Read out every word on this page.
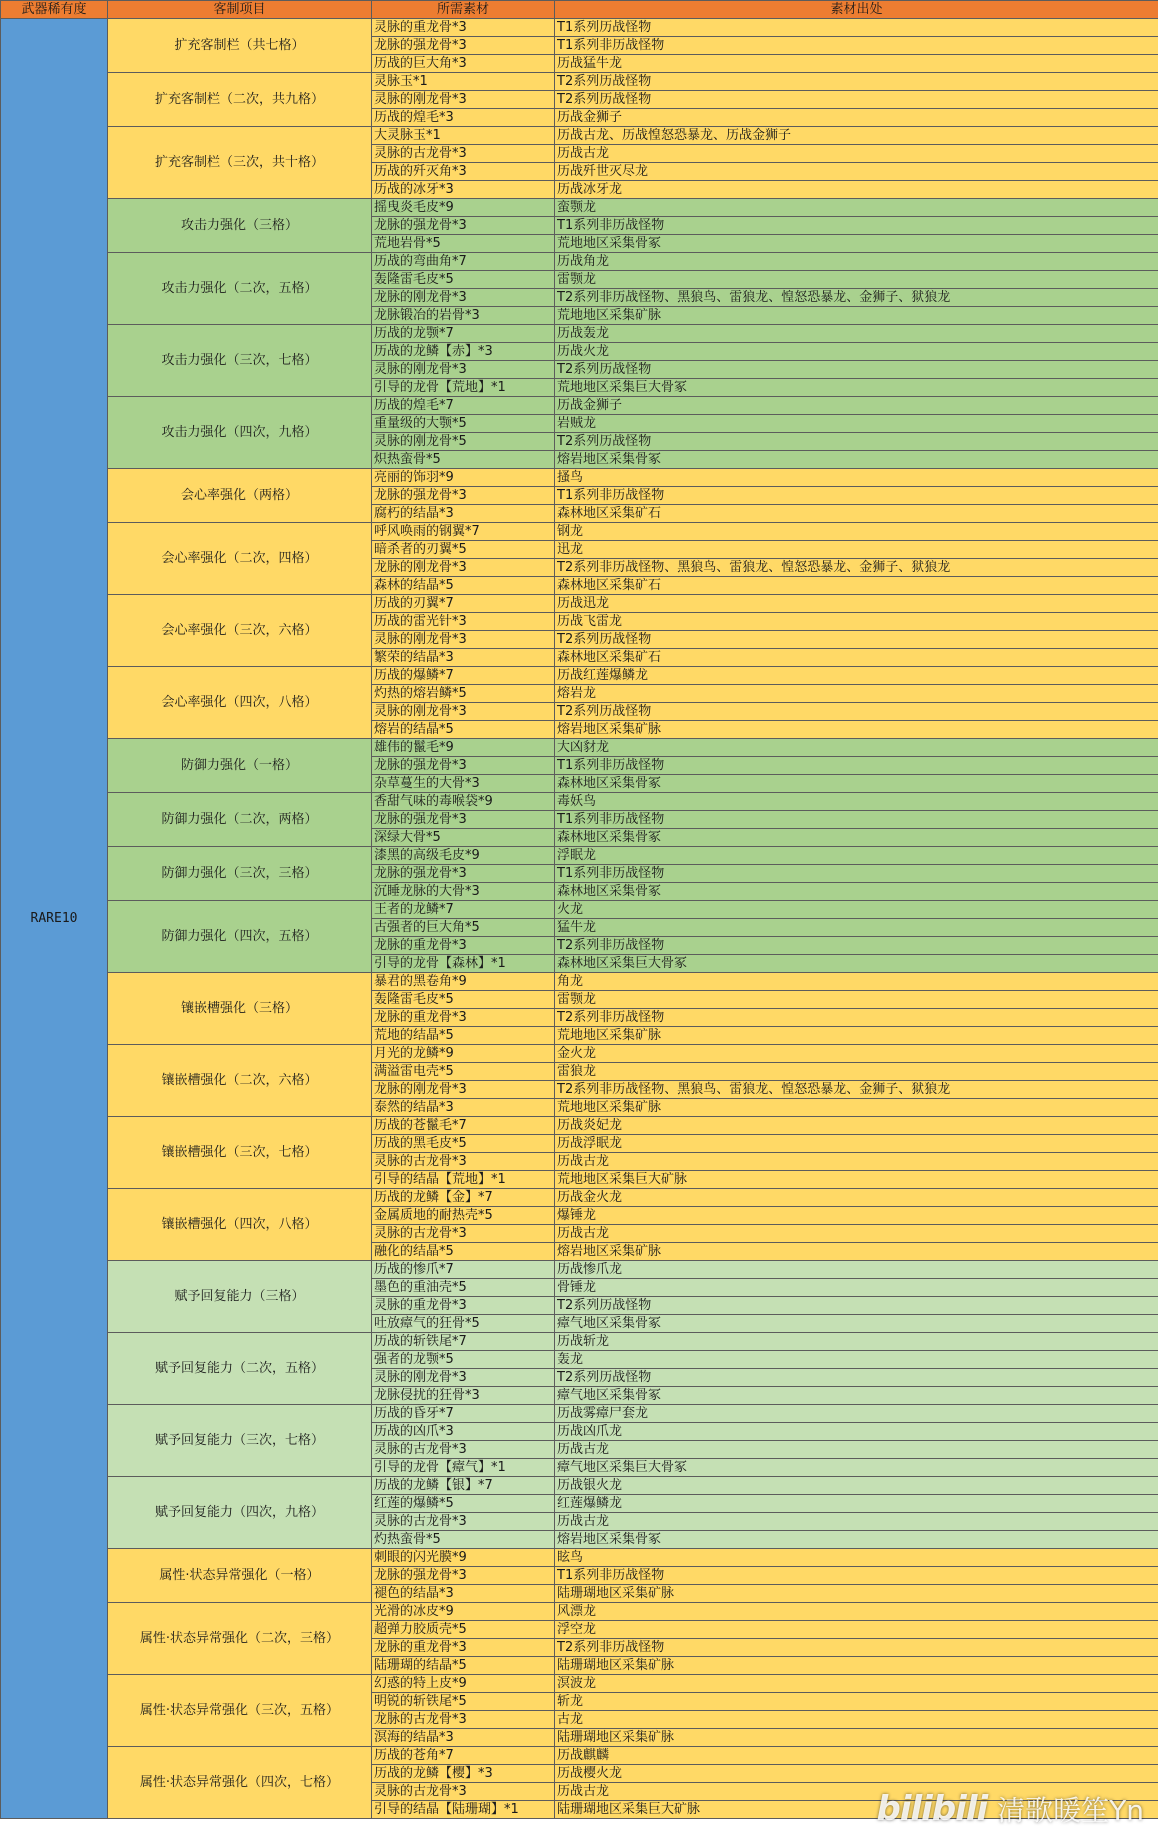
武器稀有度	客制项目	所需素材	素材出处
RARE10	扩充客制栏（共七格）	灵脉的重龙骨*3	T1系列历战怪物
		龙脉的强龙骨*3	T1系列非历战怪物
		历战的巨大角*3	历战猛牛龙
	扩充客制栏（二次，共九格）	灵脉玉*1	T2系列历战怪物
		灵脉的刚龙骨*3	T2系列历战怪物
		历战的煌毛*3	历战金狮子
	扩充客制栏（三次，共十格）	大灵脉玉*1	历战古龙、历战惶怒恐暴龙、历战金狮子
		灵脉的古龙骨*3	历战古龙
		历战的歼灭角*3	历战歼世灭尽龙
		历战的冰牙*3	历战冰牙龙
	攻击力强化（三格）	摇曳炎毛皮*9	蛮颚龙
		龙脉的强龙骨*3	T1系列非历战怪物
		荒地岩骨*5	荒地地区采集骨冢
	攻击力强化（二次，五格）	历战的弯曲角*7	历战角龙
		轰隆雷毛皮*5	雷颚龙
		龙脉的刚龙骨*3	T2系列非历战怪物、黑狼鸟、雷狼龙、惶怒恐暴龙、金狮子、狱狼龙
		龙脉锻冶的岩骨*3	荒地地区采集矿脉
	攻击力强化（三次，七格）	历战的龙颚*7	历战轰龙
		历战的龙鳞【赤】*3	历战火龙
		灵脉的刚龙骨*3	T2系列历战怪物
		引导的龙骨【荒地】*1	荒地地区采集巨大骨冢
	攻击力强化（四次，九格）	历战的煌毛*7	历战金狮子
		重量级的大颚*5	岩贼龙
		灵脉的刚龙骨*5	T2系列历战怪物
		炽热蛮骨*5	熔岩地区采集骨冢
	会心率强化（两格）	亮丽的饰羽*9	搔鸟
		龙脉的强龙骨*3	T1系列非历战怪物
		腐朽的结晶*3	森林地区采集矿石
	会心率强化（二次，四格）	呼风唤雨的钢翼*7	钢龙
		暗杀者的刃翼*5	迅龙
		龙脉的刚龙骨*3	T2系列非历战怪物、黑狼鸟、雷狼龙、惶怒恐暴龙、金狮子、狱狼龙
		森林的结晶*5	森林地区采集矿石
	会心率强化（三次，六格）	历战的刃翼*7	历战迅龙
		历战的雷光针*3	历战飞雷龙
		灵脉的刚龙骨*3	T2系列历战怪物
		繁荣的结晶*3	森林地区采集矿石
	会心率强化（四次，八格）	历战的爆鳞*7	历战红莲爆鳞龙
		灼热的熔岩鳞*5	熔岩龙
		灵脉的刚龙骨*3	T2系列历战怪物
		熔岩的结晶*5	熔岩地区采集矿脉
	防御力强化（一格）	雄伟的鬣毛*9	大凶豺龙
		龙脉的强龙骨*3	T1系列非历战怪物
		杂草蔓生的大骨*3	森林地区采集骨冢
	防御力强化（二次，两格）	香甜气味的毒喉袋*9	毒妖鸟
		龙脉的强龙骨*3	T1系列非历战怪物
		深绿大骨*5	森林地区采集骨冢
	防御力强化（三次，三格）	漆黑的高级毛皮*9	浮眠龙
		龙脉的强龙骨*3	T1系列非历战怪物
		沉睡龙脉的大骨*3	森林地区采集骨冢
	防御力强化（四次，五格）	王者的龙鳞*7	火龙
		古强者的巨大角*5	猛牛龙
		龙脉的重龙骨*3	T2系列非历战怪物
		引导的龙骨【森林】*1	森林地区采集巨大骨冢
	镶嵌槽强化（三格）	暴君的黑卷角*9	角龙
		轰隆雷毛皮*5	雷颚龙
		龙脉的重龙骨*3	T2系列非历战怪物
		荒地的结晶*5	荒地地区采集矿脉
	镶嵌槽强化（二次，六格）	月光的龙鳞*9	金火龙
		满溢雷电壳*5	雷狼龙
		龙脉的刚龙骨*3	T2系列非历战怪物、黑狼鸟、雷狼龙、惶怒恐暴龙、金狮子、狱狼龙
		泰然的结晶*3	荒地地区采集矿脉
	镶嵌槽强化（三次，七格）	历战的苍鬣毛*7	历战炎妃龙
		历战的黑毛皮*5	历战浮眠龙
		灵脉的古龙骨*3	历战古龙
		引导的结晶【荒地】*1	荒地地区采集巨大矿脉
	镶嵌槽强化（四次，八格）	历战的龙鳞【金】*7	历战金火龙
		金属质地的耐热壳*5	爆锤龙
		灵脉的古龙骨*3	历战古龙
		融化的结晶*5	熔岩地区采集矿脉
	赋予回复能力（三格）	历战的惨爪*7	历战惨爪龙
		墨色的重油壳*5	骨锤龙
		灵脉的重龙骨*3	T2系列历战怪物
		吐放瘴气的狂骨*5	瘴气地区采集骨冢
	赋予回复能力（二次，五格）	历战的斩铁尾*7	历战斩龙
		强者的龙颚*5	轰龙
		灵脉的刚龙骨*3	T2系列历战怪物
		龙脉侵扰的狂骨*3	瘴气地区采集骨冢
	赋予回复能力（三次，七格）	历战的昏牙*7	历战雾瘴尸套龙
		历战的凶爪*3	历战凶爪龙
		灵脉的古龙骨*3	历战古龙
		引导的龙骨【瘴气】*1	瘴气地区采集巨大骨冢
	赋予回复能力（四次，九格）	历战的龙鳞【银】*7	历战银火龙
		红莲的爆鳞*5	红莲爆鳞龙
		灵脉的古龙骨*3	历战古龙
		灼热蛮骨*5	熔岩地区采集骨冢
	属性·状态异常强化（一格）	刺眼的闪光膜*9	眩鸟
		龙脉的强龙骨*3	T1系列非历战怪物
		褪色的结晶*3	陆珊瑚地区采集矿脉
	属性·状态异常强化（二次，三格）	光滑的冰皮*9	风漂龙
		超弹力胶质壳*5	浮空龙
		龙脉的重龙骨*3	T2系列非历战怪物
		陆珊瑚的结晶*5	陆珊瑚地区采集矿脉
	属性·状态异常强化（三次，五格）	幻惑的特上皮*9	溟波龙
		明锐的斩铁尾*5	斩龙
		龙脉的古龙骨*3	古龙
		溟海的结晶*3	陆珊瑚地区采集矿脉
	属性·状态异常强化（四次，七格）	历战的苍角*7	历战麒麟
		历战的龙鳞【樱】*3	历战樱火龙
		灵脉的古龙骨*3	历战古龙
		引导的结晶【陆珊瑚】*1	陆珊瑚地区采集巨大矿脉	bilibili 清歌暖笙Yn
